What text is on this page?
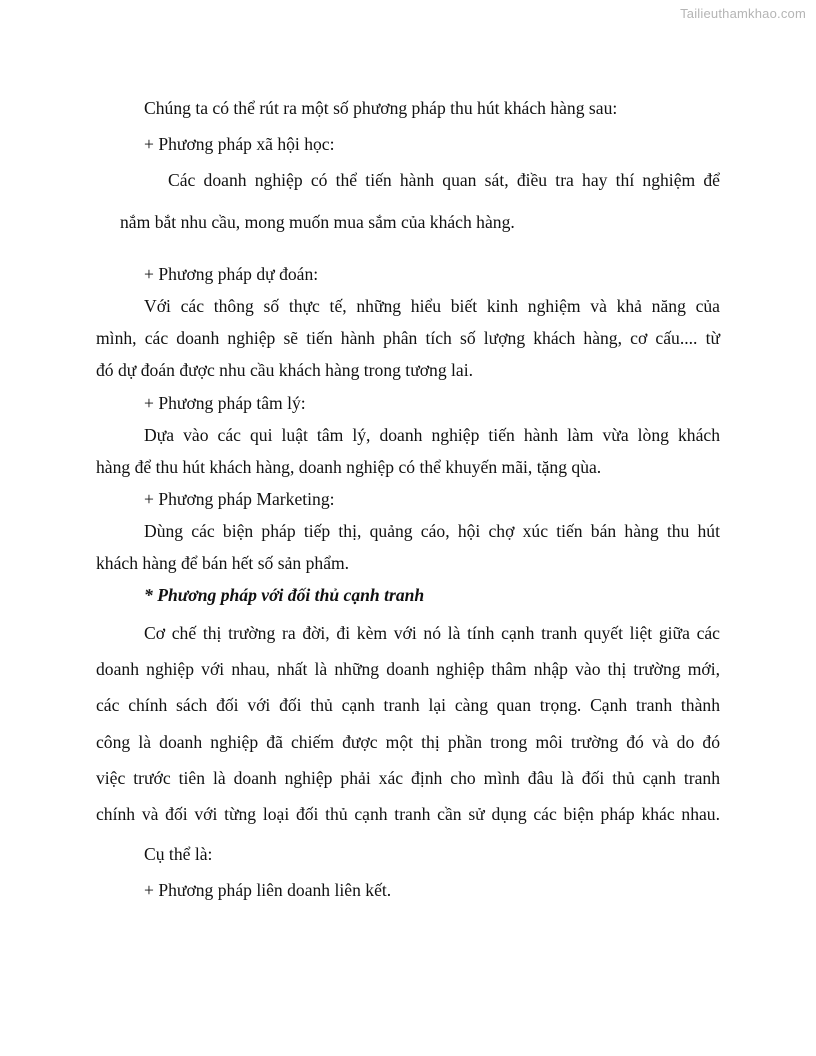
Tailieuthamkhao.com

Chúng ta có thể rút ra một số phương pháp thu hút khách hàng sau:

+ Phương pháp xã hội học:

Các doanh nghiệp có thể tiến hành quan sát, điều tra hay thí nghiệm để

nắm bắt nhu cầu, mong muốn mua sắm của khách hàng.

+ Phương pháp dự đoán:

Với các thông số thực tế, những hiểu biết kinh nghiệm và khả năng của

mình, các doanh nghiệp sẽ tiến hành phân tích số lượng khách hàng, cơ cấu.... từ

đó dự đoán được nhu cầu khách hàng trong tương lai.

+ Phương pháp tâm lý:

Dựa vào các qui luật tâm lý, doanh nghiệp tiến hành làm vừa lòng khách

hàng để thu hút khách hàng, doanh nghiệp có thể khuyến mãi, tặng qùa.

+ Phương pháp Marketing:

Dùng các biện pháp tiếp thị, quảng cáo, hội chợ xúc tiến bán hàng thu hút

khách hàng để bán hết số sản phẩm.

* Phương pháp với đối thủ cạnh tranh

Cơ chế thị trường ra đời, đi kèm với nó là tính cạnh tranh quyết liệt giữa các

doanh nghiệp với nhau, nhất là những doanh nghiệp thâm nhập vào thị trường mới,

các chính sách đối với đối thủ cạnh tranh lại càng quan trọng. Cạnh tranh thành

công là doanh nghiệp đã chiếm được một thị phần trong môi trường đó và do đó

việc trước tiên là doanh nghiệp phải xác định cho mình đâu là đối thủ cạnh tranh

chính và đối với từng loại đối thủ cạnh tranh cần sử dụng các biện pháp khác nhau.

Cụ thể là:

+ Phương pháp liên doanh liên kết.
